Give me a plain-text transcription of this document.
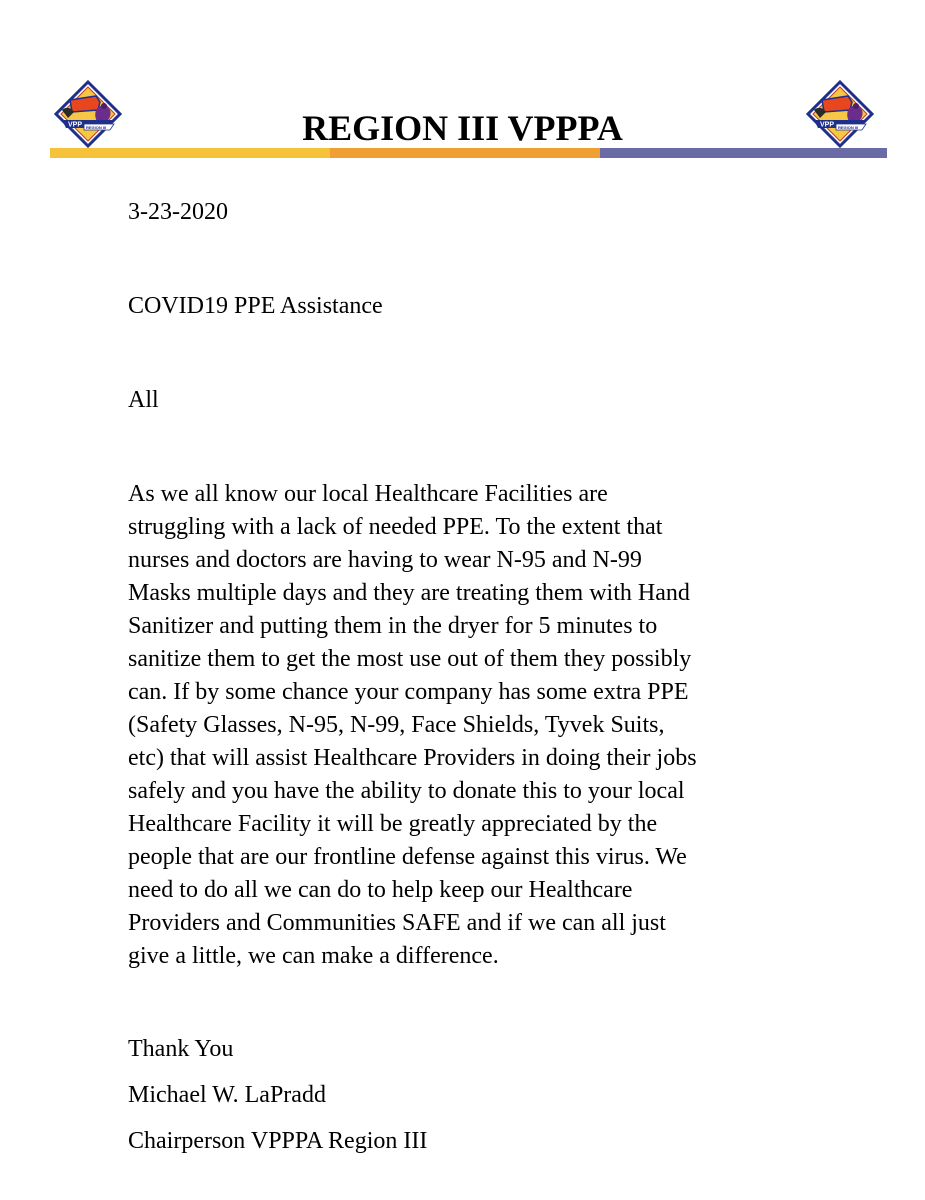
VPP REGION III	VPP REGION III
REGION III VPPPA

3-23-2020

COVID19 PPE Assistance

All

As we all know our local Healthcare Facilities are
struggling with a lack of needed PPE. To the extent that
nurses and doctors are having to wear N-95 and N-99
Masks multiple days and they are treating them with Hand
Sanitizer and putting them in the dryer for 5 minutes to
sanitize them to get the most use out of them they possibly
can. If by some chance your company has some extra PPE
(Safety Glasses, N-95, N-99, Face Shields, Tyvek Suits,
etc) that will assist Healthcare Providers in doing their jobs
safely and you have the ability to donate this to your local
Healthcare Facility it will be greatly appreciated by the
people that are our frontline defense against this virus. We
need to do all we can do to help keep our Healthcare
Providers and Communities SAFE and if we can all just
give a little, we can make a difference.

Thank You

Michael W. LaPradd

Chairperson VPPPA Region III
